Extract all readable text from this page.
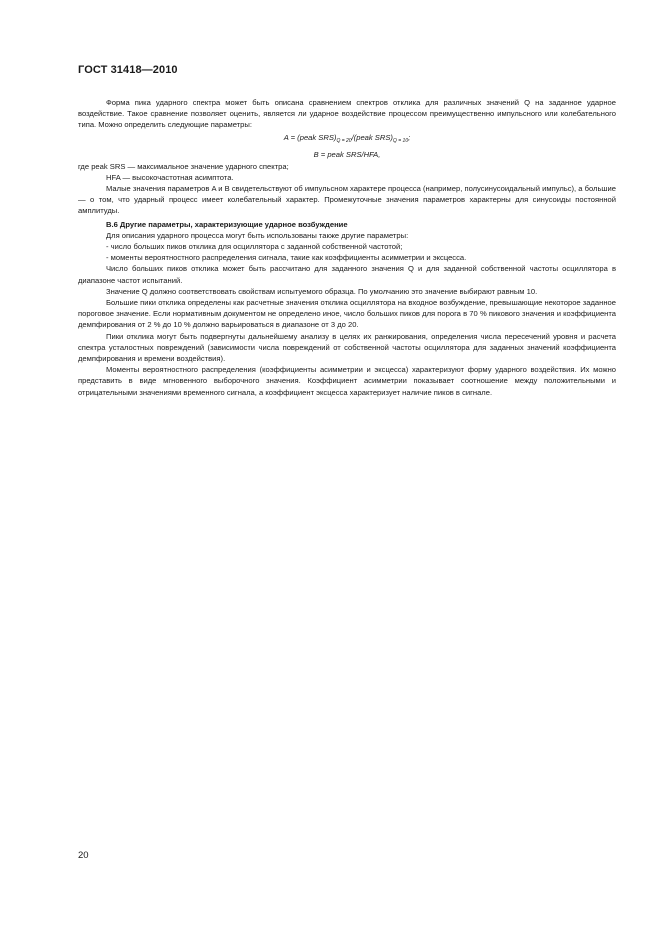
ГОСТ 31418—2010

Форма пика ударного спектра может быть описана сравнением спектров отклика для различных значений Q на заданное ударное воздействие. Такое сравнение позволяет оценить, является ли ударное воздействие процессом преимущественно импульсного или колебательного типа. Можно определить следующие параметры:

A = (peak $SRS)_{Q = 20}/(peak$ $SRS)_{Q = 10}$;

B = peak SRS/HFA,

где peak SRS — максимальное значение ударного спектра;

HFA — высокочастотная асимптота.

Малые значения параметров A и B свидетельствуют об импульсном характере процесса (например, полусинусоидальный импульс), а большие — о том, что ударный процесс имеет колебательный характер. Промежуточные значения параметров характерны для синусоиды постоянной амплитуды.

B.6 Другие параметры, характеризующие ударное возбуждение

Для описания ударного процесса могут быть использованы также другие параметры:

- число больших пиков отклика для осциллятора с заданной собственной частотой;

- моменты вероятностного распределения сигнала, такие как коэффициенты асимметрии и эксцесса.

Число больших пиков отклика может быть рассчитано для заданного значения Q и для заданной собственной частоты осциллятора в диапазоне частот испытаний.

Значение Q должно соответствовать свойствам испытуемого образца. По умолчанию это значение выбирают равным 10.

Большие пики отклика определены как расчетные значения отклика осциллятора на входное возбуждение, превышающие некоторое заданное пороговое значение. Если нормативным документом не определено иное, число больших пиков для порога в 70 % пикового значения и коэффициента демпфирования от 2 % до 10 % должно варьироваться в диапазоне от 3 до 20.

Пики отклика могут быть подвергнуты дальнейшему анализу в целях их ранжирования, определения числа пересечений уровня и расчета спектра усталостных повреждений (зависимости числа повреждений от собственной частоты осциллятора для заданных значений коэффициента демпфирования и времени воздействия).

Моменты вероятностного распределения (коэффициенты асимметрии и эксцесса) характеризуют форму ударного воздействия. Их можно представить в виде мгновенного выборочного значения. Коэффициент асимметрии показывает соотношение между положительными и отрицательными значениями временного сигнала, а коэффициент эксцесса характеризует наличие пиков в сигнале.

20
